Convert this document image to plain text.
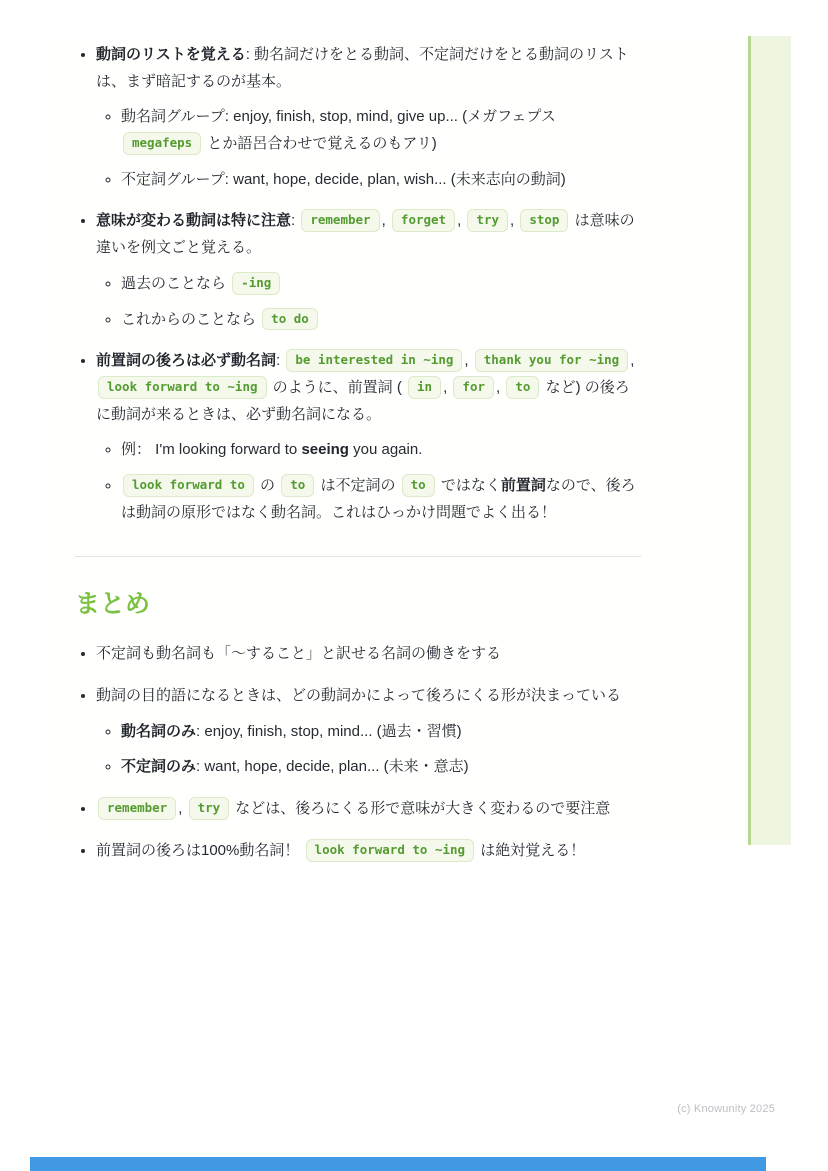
• 動詞のリストを覚える: 動名詞だけをとる動詞、不定詞だけをとる動詞のリストは、まず暗記するのが基本。
◦ 動名詞グループ: enjoy, finish, stop, mind, give up... (メガフェプス megafeps とか語呂合わせで覚えるのもアリ)
◦ 不定詞グループ: want, hope, decide, plan, wish... (未来志向の動詞)
• 意味が変わる動詞は特に注意: remember , forget , try , stop は意味の違いを例文ごと覚える。
◦ 過去のことなら -ing
◦ これからのことなら to do
• 前置詞の後ろは必ず動名詞: be interested in ~ing , thank you for ~ing , look forward to ~ing のように、前置詞 ( in , for , to など) の後ろに動詞が来るときは、必ず動名詞になる。
◦ 例： I'm looking forward to seeing you again.
◦ look forward to の to は不定詞の to ではなく前置詞なので、後ろは動詞の原形ではなく動名詞。これはひっかけ問題でよく出る！
まとめ
• 不定詞も動名詞も「〜すること」と訳せる名詞の働きをする
• 動詞の目的語になるときは、どの動詞かによって後ろにくる形が決まっている
◦ 動名詞のみ: enjoy, finish, stop, mind... (過去・習慣)
◦ 不定詞のみ: want, hope, decide, plan... (未来・意志)
• remember , try などは、後ろにくる形で意味が大きく変わるので要注意
• 前置詞の後ろは100%動名詞！ look forward to ~ing は絶対覚える！
(c) Knowunity 2025
